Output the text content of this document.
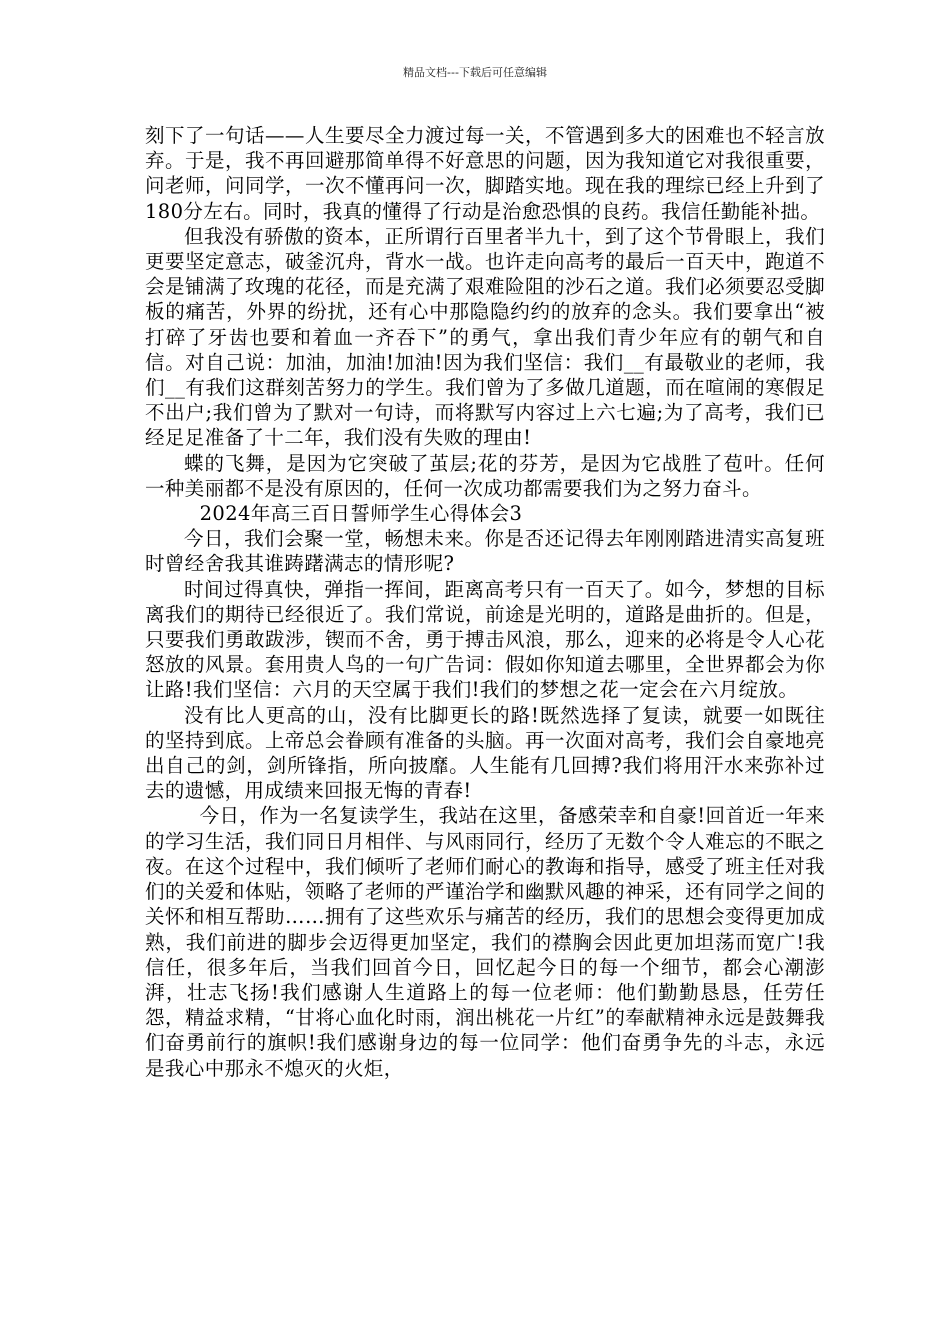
精品文档---下载后可任意编辑

刻下了一句话——人生要尽全力渡过每一关，不管遇到多大的困难也不轻言放弃。于是，我不再回避那简单得不好意思的问题，因为我知道它对我很重要，问老师，问同学，一次不懂再问一次，脚踏实地。现在我的理综已经上升到了180分左右。同时，我真的懂得了行动是治愈恐惧的良药。我信任勤能补拙。

但我没有骄傲的资本，正所谓行百里者半九十，到了这个节骨眼上，我们更要坚定意志，破釜沉舟，背水一战。也许走向高考的最后一百天中，跑道不会是铺满了玫瑰的花径，而是充满了艰难险阻的沙石之道。我们必须要忍受脚板的痛苦，外界的纷扰，还有心中那隐隐约约的放弃的念头。我们要拿出“被打碎了牙齿也要和着血一齐吞下”的勇气，拿出我们青少年应有的朝气和自信。对自己说：加油，加油!加油!因为我们坚信：我们__有最敬业的老师，我们__有我们这群刻苦努力的学生。我们曾为了多做几道题，而在喧闹的寒假足不出户;我们曾为了默对一句诗，而将默写内容过上六七遍;为了高考，我们已经足足准备了十二年，我们没有失败的理由!

蝶的飞舞，是因为它突破了茧层;花的芬芳，是因为它战胜了苞叶。任何一种美丽都不是没有原因的，任何一次成功都需要我们为之努力奋斗。

2024年高三百日誓师学生心得体会3

今日，我们会聚一堂，畅想未来。你是否还记得去年刚刚踏进清实高复班时曾经舍我其谁踌躇满志的情形呢?

时间过得真快，弹指一挥间，距离高考只有一百天了。如今，梦想的目标离我们的期待已经很近了。我们常说，前途是光明的，道路是曲折的。但是，只要我们勇敢跋涉，锲而不舍，勇于搏击风浪，那么，迎来的必将是令人心花怒放的风景。套用贵人鸟的一句广告词：假如你知道去哪里，全世界都会为你让路!我们坚信：六月的天空属于我们!我们的梦想之花一定会在六月绽放。

没有比人更高的山，没有比脚更长的路!既然选择了复读，就要一如既往的坚持到底。上帝总会眷顾有准备的头脑。再一次面对高考，我们会自豪地亮出自己的剑，剑所锋指，所向披靡。人生能有几回搏?我们将用汗水来弥补过去的遗憾，用成绩来回报无悔的青春!

今日，作为一名复读学生，我站在这里，备感荣幸和自豪!回首近一年来的学习生活，我们同日月相伴、与风雨同行，经历了无数个令人难忘的不眠之夜。在这个过程中，我们倾听了老师们耐心的教诲和指导，感受了班主任对我们的关爱和体贴，领略了老师的严谨治学和幽默风趣的神采，还有同学之间的关怀和相互帮助……拥有了这些欢乐与痛苦的经历，我们的思想会变得更加成熟，我们前进的脚步会迈得更加坚定，我们的襟胸会因此更加坦荡而宽广!我信任，很多年后，当我们回首今日，回忆起今日的每一个细节，都会心潮澎湃，壮志飞扬!我们感谢人生道路上的每一位老师：他们勤勤恳恳，任劳任怨，精益求精，“甘将心血化时雨，润出桃花一片红”的奉献精神永远是鼓舞我们奋勇前行的旗帜!我们感谢身边的每一位同学：他们奋勇争先的斗志，永远是我心中那永不熄灭的火炬，
